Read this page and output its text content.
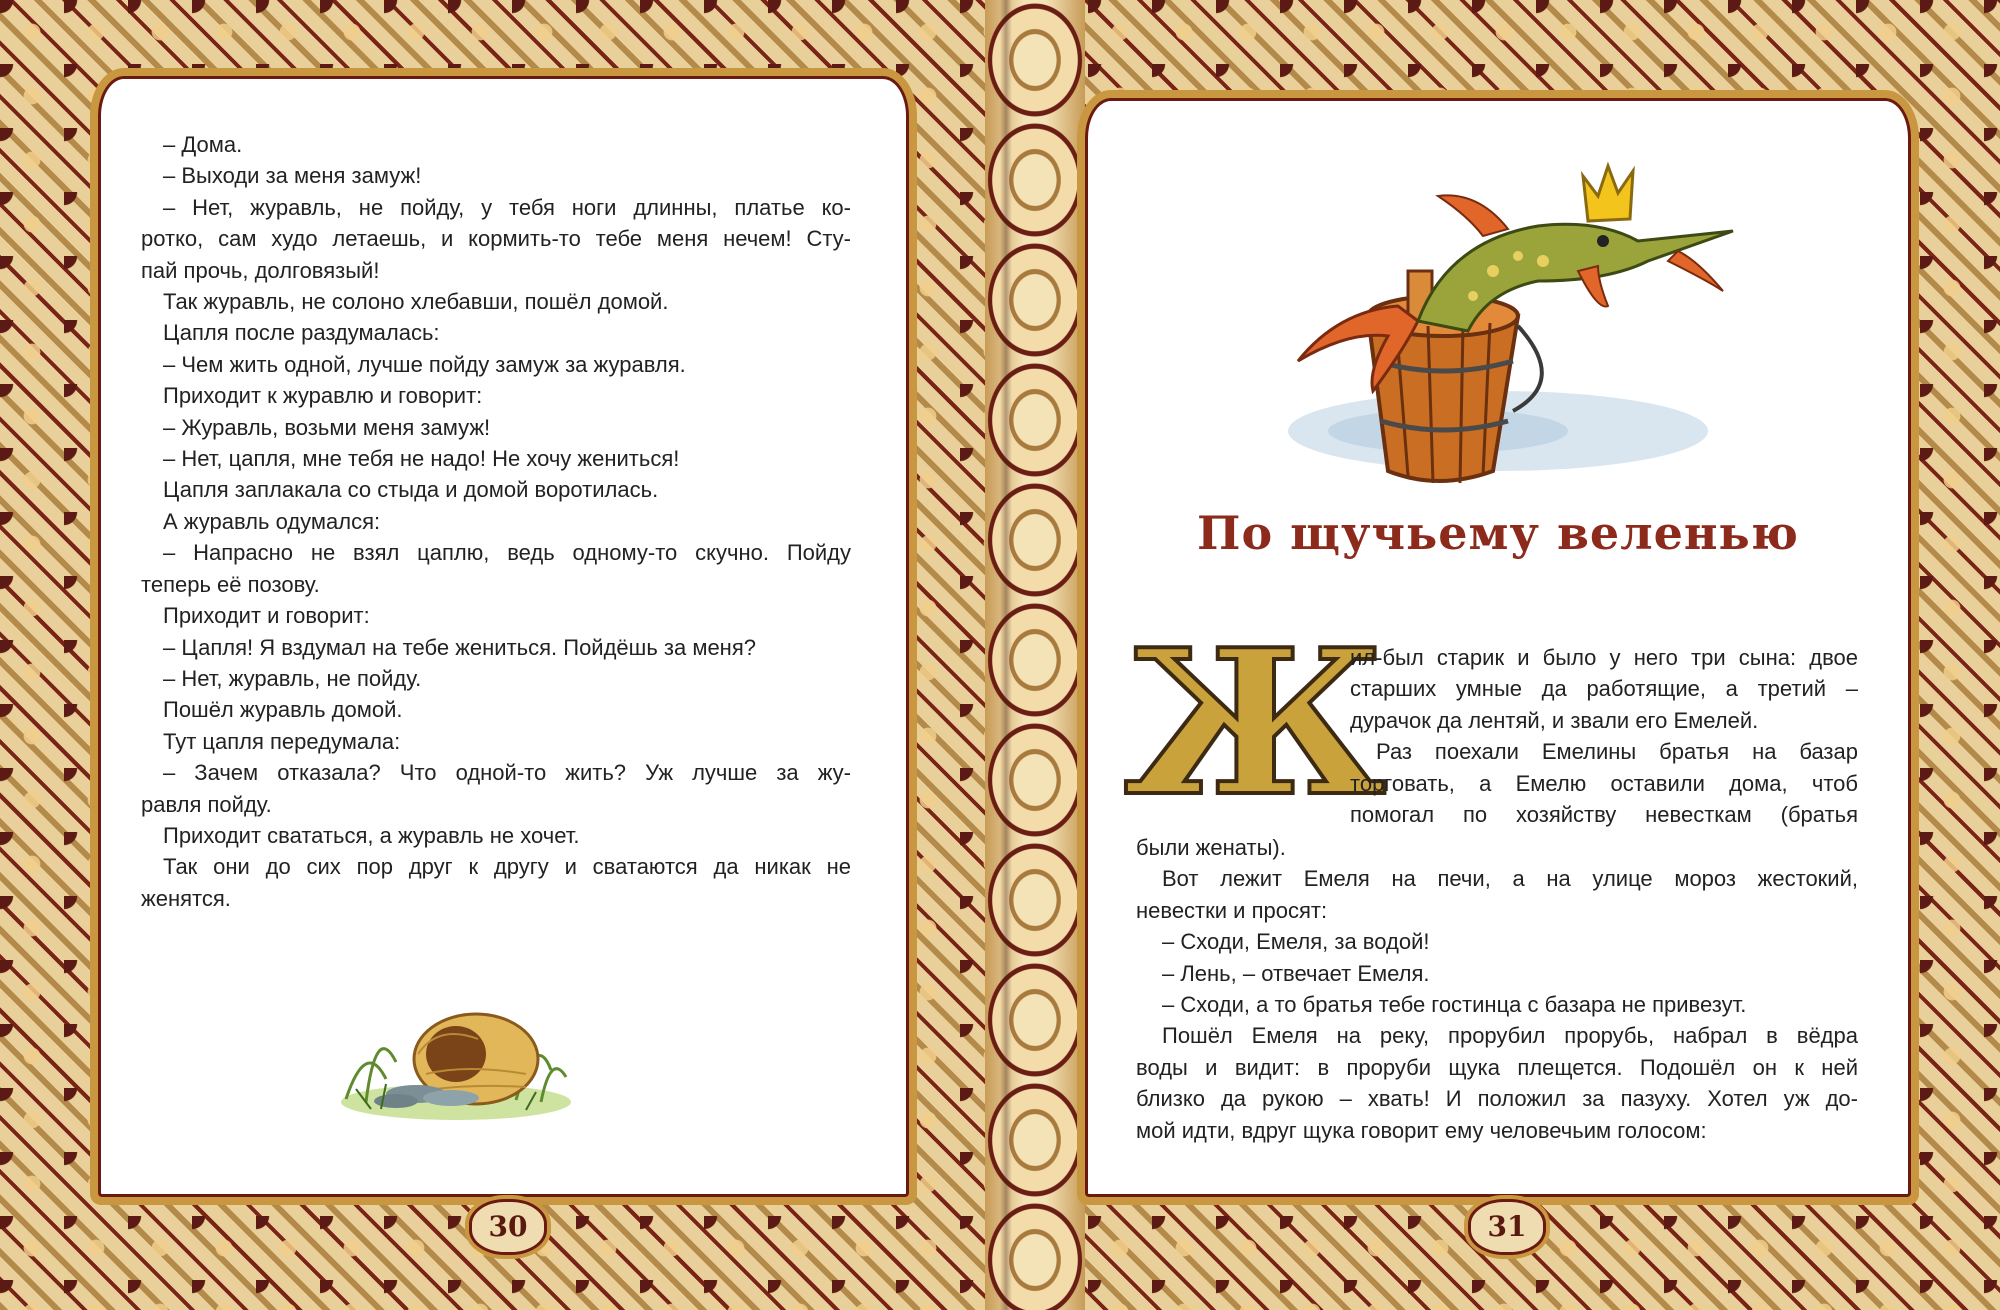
– Дома.

– Выходи за меня замуж!

– Нет, журавль, не пойду, у тебя ноги длинны, платье ко-

ротко, сам худо летаешь, и кормить-то тебе меня нечем! Сту-

пай прочь, долговязый!

Так журавль, не солоно хлебавши, пошёл домой.

Цапля после раздумалась:

– Чем жить одной, лучше пойду замуж за журавля.

Приходит к журавлю и говорит:

– Журавль, возьми меня замуж!

– Нет, цапля, мне тебя не надо! Не хочу жениться!

Цапля заплакала со стыда и домой воротилась.

А журавль одумался:

– Напрасно не взял цаплю, ведь одному-то скучно. Пойду

теперь её позову.

Приходит и говорит:

– Цапля! Я вздумал на тебе жениться. Пойдёшь за меня?

– Нет, журавль, не пойду.

Пошёл журавль домой.

Тут цапля передумала:

– Зачем отказала? Что одной-то жить? Уж лучше за жу-

равля пойду.

Приходит свататься, а журавль не хочет.

Так они до сих пор друг к другу и сватаются да никак не

женятся.

30
По щучьему веленью
Ж

ил-был старик и было у него три сына: двое

старших умные да работящие, а третий –

дурачок да лентяй, и звали его Емелей.

Раз поехали Емелины братья на базар

торговать, а Емелю оставили дома, чтоб

помогал по хозяйству невесткам (братья

были женаты).

Вот лежит Емеля на печи, а на улице мороз жестокий,

невестки и просят:

– Сходи, Емеля, за водой!

– Лень, – отвечает Емеля.

– Сходи, а то братья тебе гостинца с базара не привезут.

Пошёл Емеля на реку, прорубил прорубь, набрал в вёдра

воды и видит: в проруби щука плещется. Подошёл он к ней

близко да рукою – хвать! И положил за пазуху. Хотел уж до-

мой идти, вдруг щука говорит ему человечьим голосом:

31
